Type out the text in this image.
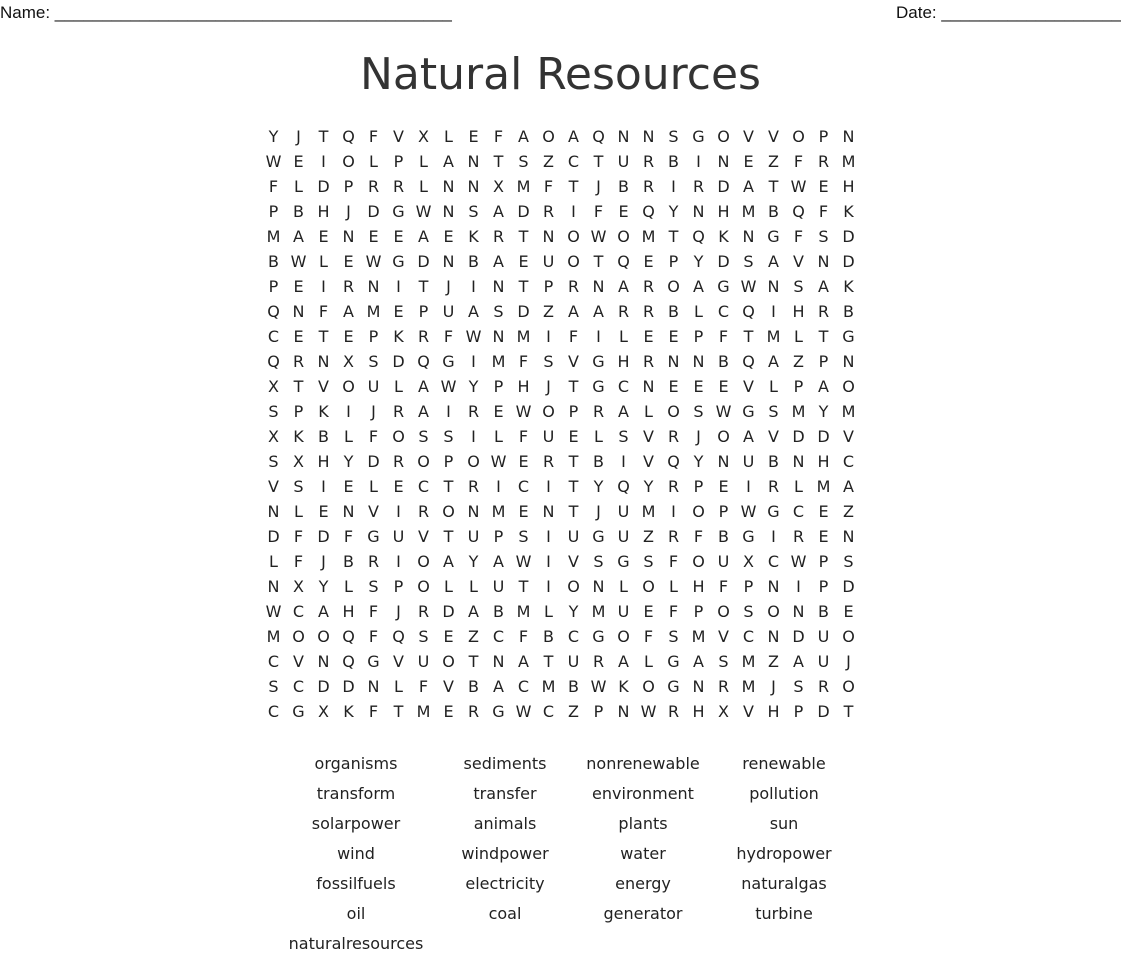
Name: __________________________________________	Date: ___________________
Natural Resources
Y	J	T Q F V X L E F A O A Q N N S G O V V O P N
W E	I	O L P L A N T S Z C T U R B	I	N E Z F R M
F L D P R R L N N X M F T	J	B R	I	R D A T W E H
P B H	J	D G W N S A D R	I	F E Q Y N H M B Q F K
M A E N E E A E K R T N O W O M T Q K N G F S D
B W L E W G D N B A E U O T Q E P Y D S A V N D
P E	I	R N	I	T	J	I	N T P R N A R O A G W N S A K
Q N F A M E P U A S D Z A A R R B L C Q	I	H R B
C E T E P K R F W N M I	F	I	L E E P F T M L T G
Q R N X S D Q G	I M F S V G H R N N B Q A Z P N
X T V O U L A W Y P H	J	T G C N E E E V L P A O
S P K	I	J	R A	I	R E W O P R A L O S W G S M Y M
X K B L F O S S	I	L F U E L S V R	J	O A V D D V
S X H Y D R O P O W E R T B	I	V Q Y N U B N H C
V S	I	E L E C T R	I	C	I	T Y Q Y R P E	I	R L M A
N L E N V	I	R O N M E N T	J	U M I	O P W G C E Z
D F D F G U V T U P S	I	U G U Z R F B G	I	R E N
L F	J	B R	I	O A Y A W I	V S G S F O U X C W P S
N X Y L S P O L	L U T	I	O N L O L H F P N	I	P D
W C A H F	J	R D A B M L Y M U E F P O S O N B E
M O O Q F Q S E Z C F B C G O F S M V C N D U O
C V N Q G V U O T N A T U R A L G A S M Z A U	J
S C D D N L F V B A C M B W K O G N R M J	S R O
C G X K F T M E R G W C Z P N W R H X V H P D T
organisms	sediments	nonrenewable	renewable
transform	transfer	environment	pollution
solarpower	animals	plants	sun
wind	windpower	water	hydropower
fossilfuels	electricity	energy	naturalgas
oil	coal	generator	turbine
naturalresources
